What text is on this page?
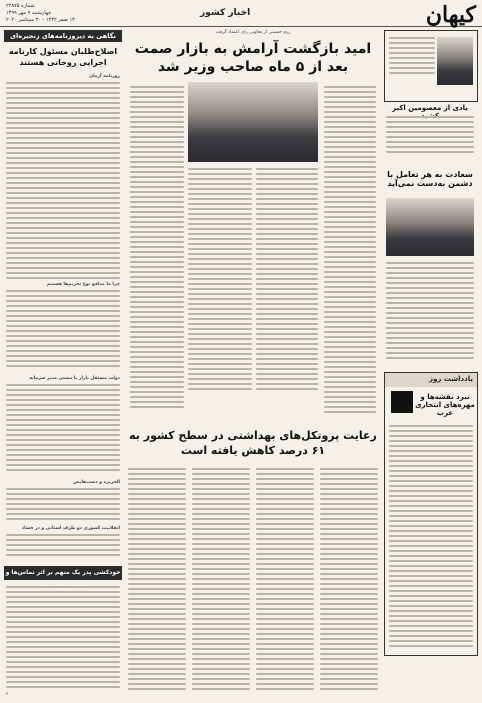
کیهان
اخبار کشور
شماره ۲۲۸۷۵
چهارشنبه ۹ مهر ۱۳۹۹
۱۳ صفر ۱۴۴۲ - ۳۰ سپتامبر ۲۰۲۰
یادی از معصومین اکبر
سعادت به هر تعامل با دشمن به‌دست نمی‌آید
یادداشت روز
نبرد نقشه‌ها و مهره‌های انتحاری غرب
رزم حسینی از معاونی رای اعتماد گرفت
امید بازگشت آرامش به بازار صمت بعد از ۵ ماه صاحب وزیر شد
نگاهی به دیروزنامه‌های زنجیره‌ای
اصلاح‌طلبان مسئول کارنامه اجرایی روحانی هستند
روزنامه آرمان
چرا ما مدافع نوع تحریم‌ها هستیم
دولت مستقل بازار یا مشتی مدیر سرمایه
الجزیره و دست‌هایش
انقلابیت کشوری دو طرف استانی و در فساد
رعایت پروتکل‌های بهداشتی در سطح کشور به ۶۱ درصد کاهش یافته است
خودکشی پدر یک متهم بر اثر تماس‌ها و
۲
